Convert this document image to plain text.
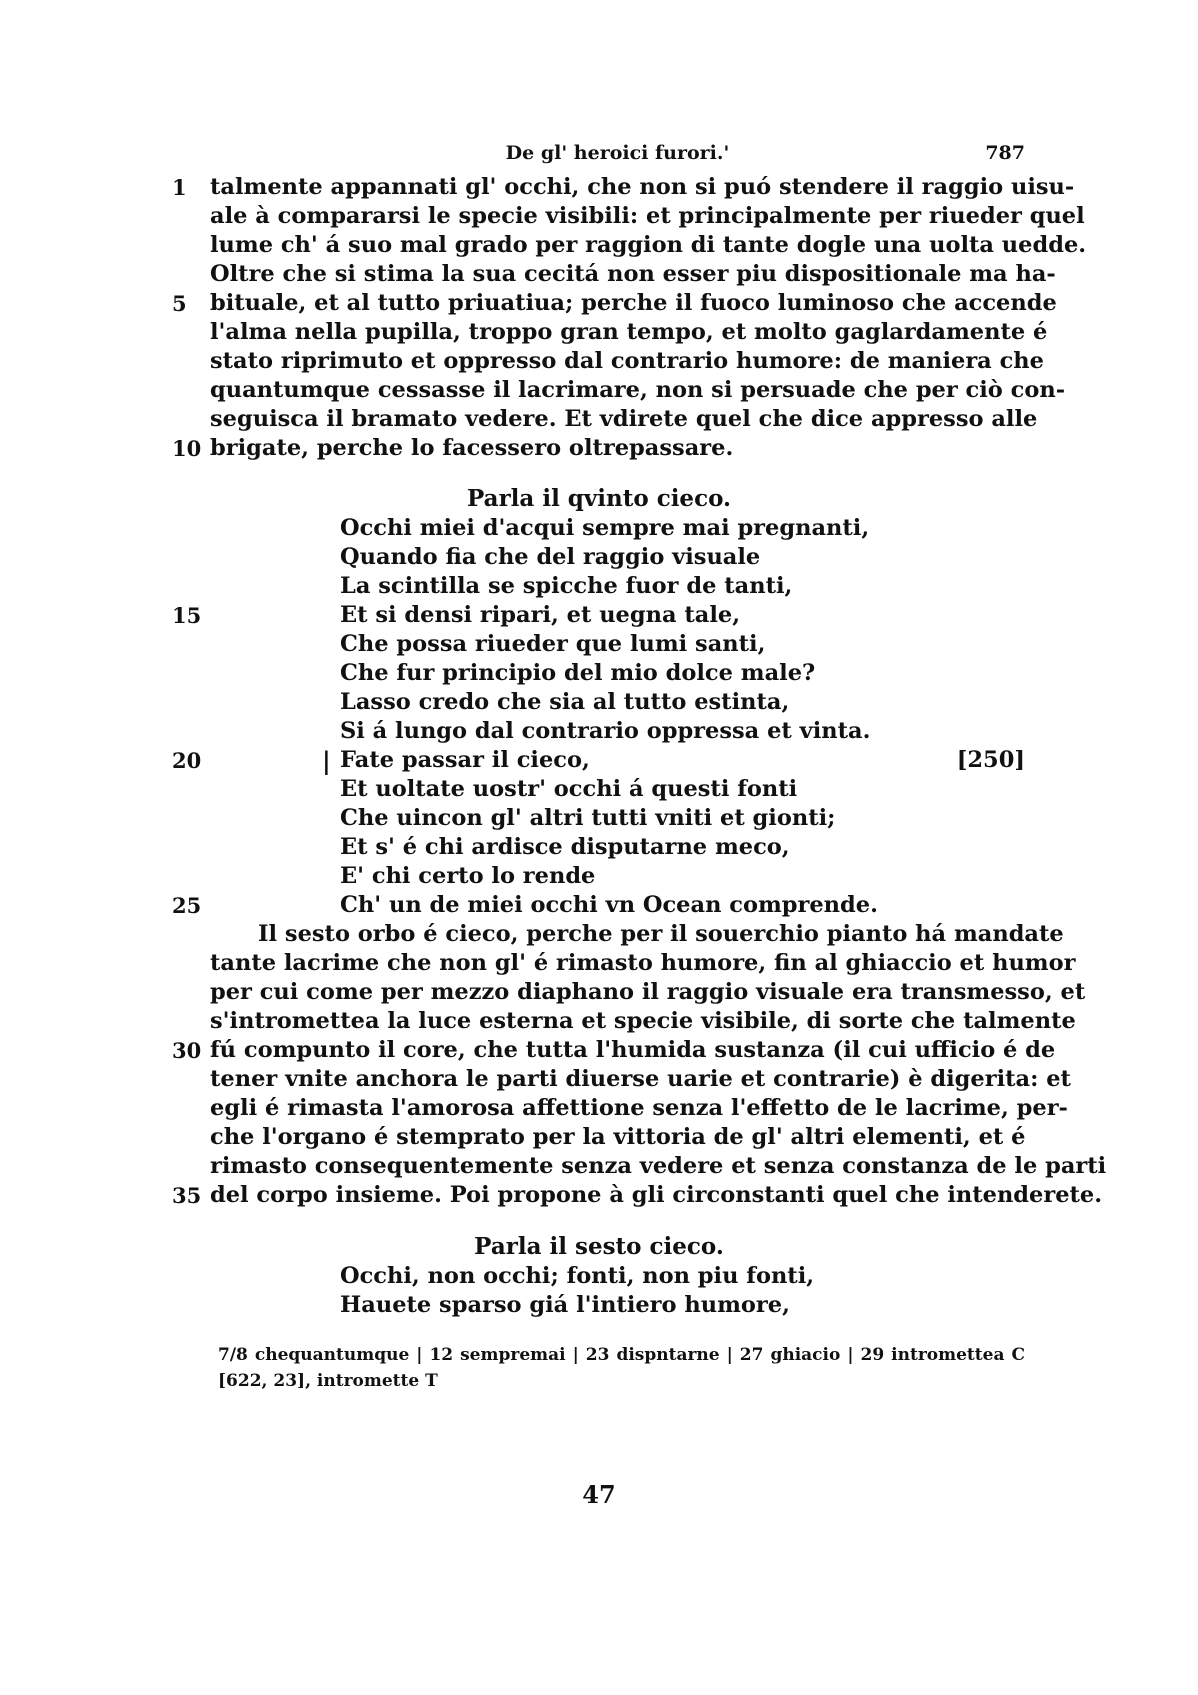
De gl' heroici furori.'	787
talmente appannati gl' occhi, che non si puó stendere il raggio uisu-
ale à compararsi le specie visibili: et principalmente per riueder quel
lume ch' á suo mal grado per raggion di tante dogle una uolta uedde.
Oltre che si stima la sua cecitá non esser piu dispositionale ma ha-
bituale, et al tutto priuatiua; perche il fuoco luminoso che accende
l'alma nella pupilla, troppo gran tempo, et molto gaglardamente é
stato riprimuto et oppresso dal contrario humore: de maniera che
quantumque cessasse il lacrimare, non si persuade che per ciò con-
seguisca il bramato vedere. Et vdirete quel che dice appresso alle
brigate, perche lo facessero oltrepassare.
Parla il qvinto cieco.
Occhi miei d'acqui sempre mai pregnanti,
Quando fia che del raggio visuale
La scintilla se spicche fuor de tanti,
Et si densi ripari, et uegna tale,
Che possa riueder que lumi santi,
Che fur principio del mio dolce male?
Lasso credo che sia al tutto estinta,
Si á lungo dal contrario oppressa et vinta.
| Fate passar il cieco,	[250]
Et uoltate uostr' occhi á questi fonti
Che uincon gl' altri tutti vniti et gionti;
Et s' é chi ardisce disputarne meco,
E' chi certo lo rende
Ch' un de miei occhi vn Ocean comprende.
Il sesto orbo é cieco, perche per il souerchio pianto há mandate
tante lacrime che non gl' é rimasto humore, fin al ghiaccio et humor
per cui come per mezzo diaphano il raggio visuale era transmesso, et
s'intromettea la luce esterna et specie visibile, di sorte che talmente
fú compunto il core, che tutta l'humida sustanza (il cui ufficio é de
tener vnite anchora le parti diuerse uarie et contrarie) è digerita: et
egli é rimasta l'amorosa affettione senza l'effetto de le lacrime, per-
che l'organo é stemprato per la vittoria de gl' altri elementi, et é
rimasto consequentemente senza vedere et senza constanza de le parti
del corpo insieme. Poi propone à gli circonstanti quel che intenderete.
Parla il sesto cieco.
Occhi, non occhi; fonti, non piu fonti,
Hauete sparso giá l'intiero humore,
1
5
10
15
20
25
30
35
7/8 chequantumque | 12 sempremai | 23 dispntarne | 27 ghiacio | 29 intromettea C
[622, 23], intromette T
47
